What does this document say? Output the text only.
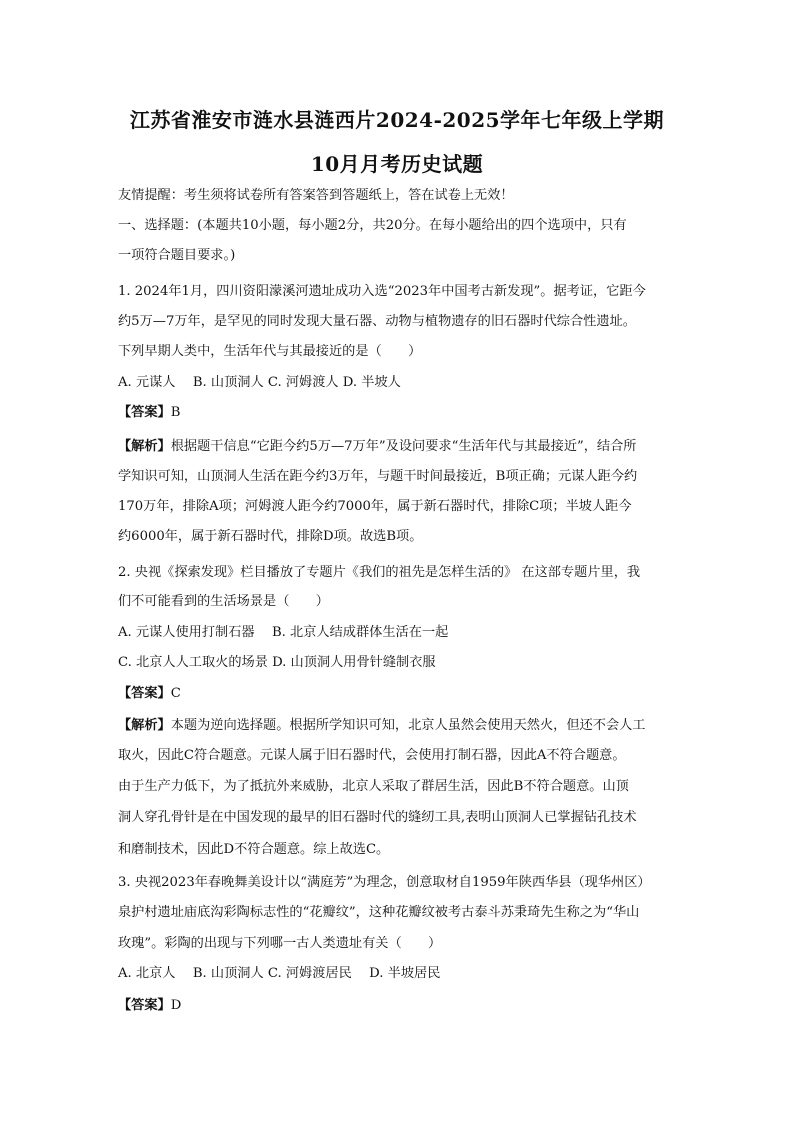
江苏省淮安市涟水县涟西片2024-2025学年七年级上学期
10月月考历史试题
友情提醒：考生须将试卷所有答案答到答题纸上，答在试卷上无效！
一、选择题：(本题共10小题，每小题2分，共20分。在每小题给出的四个选项中，只有
一项符合题目要求。)
1. 2024年1月，四川资阳濛溪河遗址成功入选“2023年中国考古新发现”。据考证，它距今
约5万—7万年，是罕见的同时发现大量石器、动物与植物遗存的旧石器时代综合性遗址。
下列早期人类中，生活年代与其最接近的是（　　）
A. 元谋人　 B. 山顶洞人 C. 河姆渡人 D. 半坡人
【答案】B
【解析】根据题干信息“它距今约5万—7万年”及设问要求“生活年代与其最接近”，结合所
学知识可知，山顶洞人生活在距今约3万年，与题干时间最接近，B项正确；元谋人距今约
170万年，排除A项；河姆渡人距今约7000年，属于新石器时代，排除C项；半坡人距今
约6000年，属于新石器时代，排除D项。故选B项。
2. 央视《探索发现》栏目播放了专题片《我们的祖先是怎样生活的》 在这部专题片里，我
们不可能看到的生活场景是（　　）
A. 元谋人使用打制石器　 B. 北京人结成群体生活在一起
C. 北京人人工取火的场景 D. 山顶洞人用骨针缝制衣服
【答案】C
【解析】本题为逆向选择题。根据所学知识可知，北京人虽然会使用天然火，但还不会人工
取火，因此C符合题意。元谋人属于旧石器时代，会使用打制石器，因此A不符合题意。
由于生产力低下，为了抵抗外来威胁，北京人采取了群居生活，因此B不符合题意。山顶
洞人穿孔骨针是在中国发现的最早的旧石器时代的缝纫工具,表明山顶洞人已掌握钻孔技术
和磨制技术，因此D不符合题意。综上故选C。
3. 央视2023年春晚舞美设计以“满庭芳”为理念，创意取材自1959年陕西华县（现华州区）
泉护村遗址庙底沟彩陶标志性的“花瓣纹”，这种花瓣纹被考古泰斗苏秉琦先生称之为“华山
玫瑰”。彩陶的出现与下列哪一古人类遗址有关（　　）
A. 北京人　 B. 山顶洞人 C. 河姆渡居民　 D. 半坡居民
【答案】D
